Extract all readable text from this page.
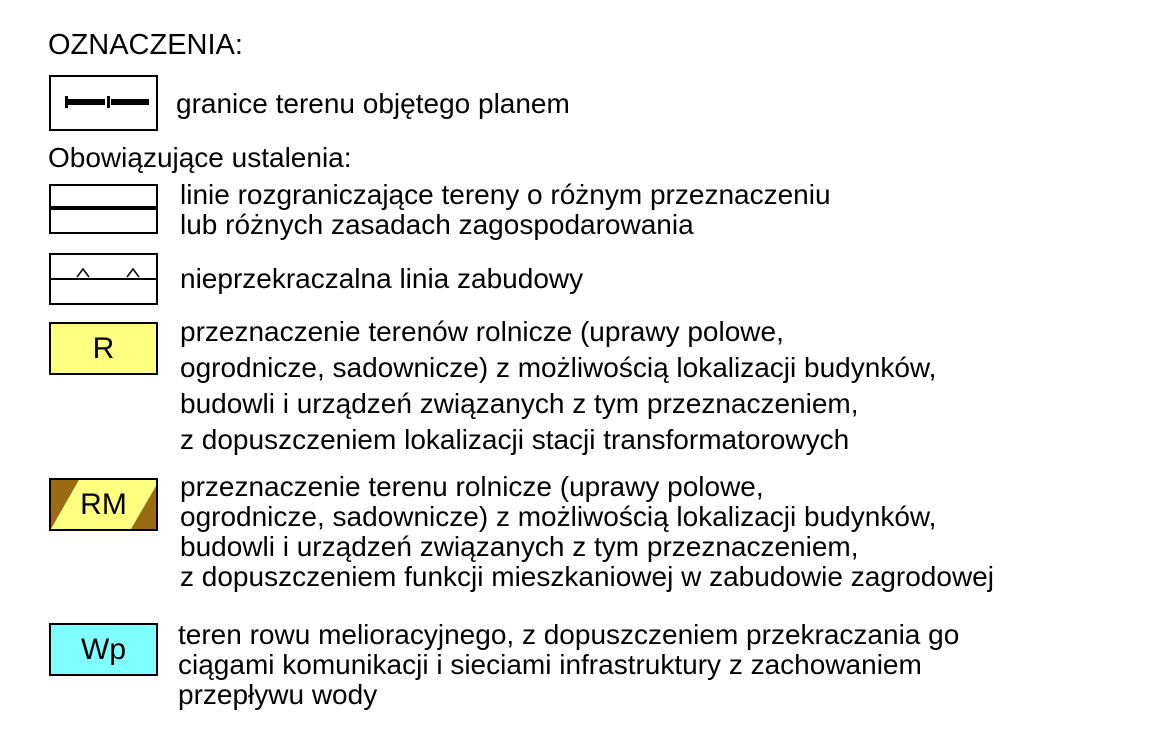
OZNACZENIA:
granice terenu objętego planem
Obowiązujące ustalenia:
linie rozgraniczające tereny o różnym przeznaczeniu
lub różnych zasadach zagospodarowania
nieprzekraczalna linia zabudowy
R	przeznaczenie terenów rolnicze (uprawy polowe,
ogrodnicze, sadownicze) z możliwością lokalizacji budynków,
budowli i urządzeń związanych z tym przeznaczeniem,
z dopuszczeniem lokalizacji stacji transformatorowych
RM
przeznaczenie terenu rolnicze (uprawy polowe,
ogrodnicze, sadownicze) z możliwością lokalizacji budynków,
budowli i urządzeń związanych z tym przeznaczeniem,
z dopuszczeniem funkcji mieszkaniowej w zabudowie zagrodowej
Wp	teren rowu melioracyjnego, z dopuszczeniem przekraczania go
ciągami komunikacji i sieciami infrastruktury z zachowaniem
przepływu wody
